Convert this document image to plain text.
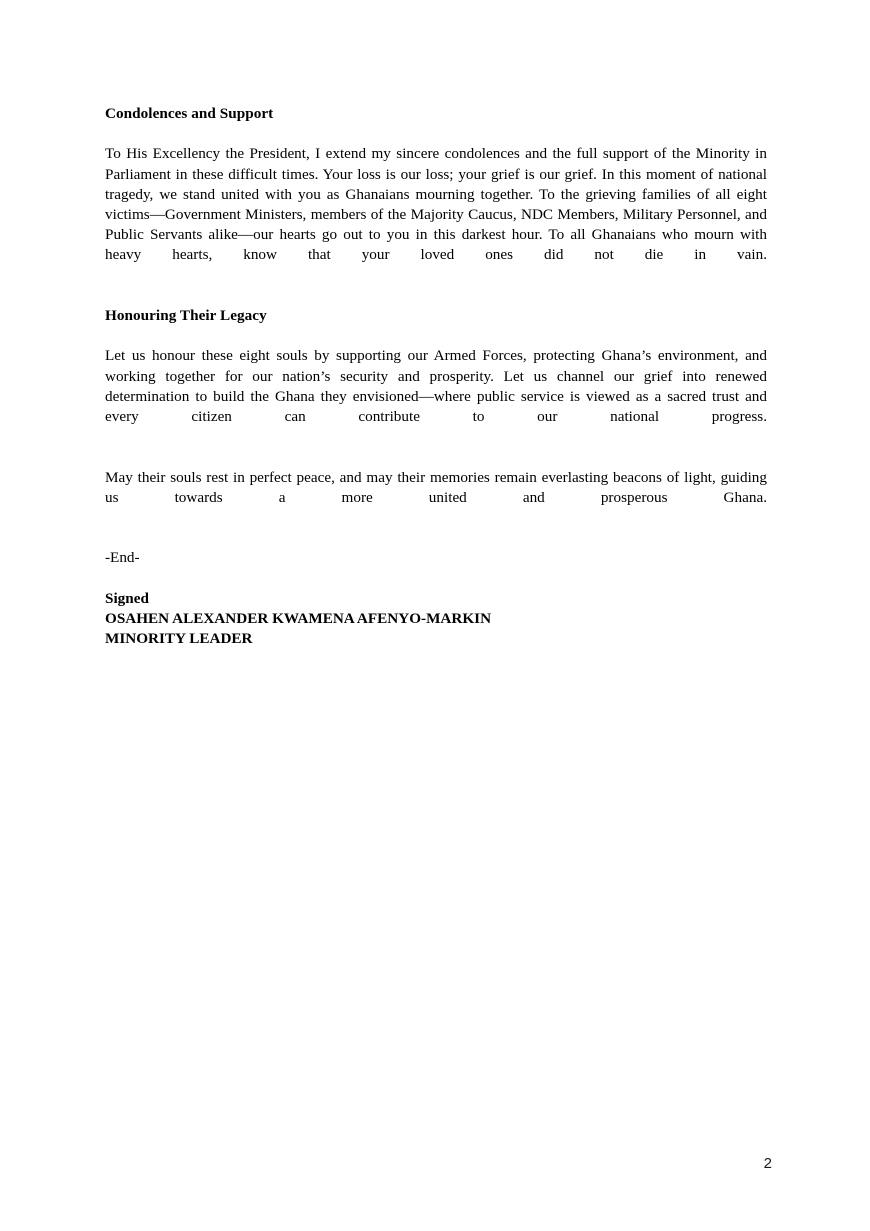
Condolences and Support

To His Excellency the President, I extend my sincere condolences and the full support of the Minority in Parliament in these difficult times. Your loss is our loss; your grief is our grief. In this moment of national tragedy, we stand united with you as Ghanaians mourning together. To the grieving families of all eight victims—Government Ministers, members of the Majority Caucus, NDC Members, Military Personnel, and Public Servants alike—our hearts go out to you in this darkest hour. To all Ghanaians who mourn with heavy hearts, know that your loved ones did not die in vain.

Honouring Their Legacy

Let us honour these eight souls by supporting our Armed Forces, protecting Ghana’s environment, and working together for our nation’s security and prosperity. Let us channel our grief into renewed determination to build the Ghana they envisioned—where public service is viewed as a sacred trust and every citizen can contribute to our national progress.

May their souls rest in perfect peace, and may their memories remain everlasting beacons of light, guiding us towards a more united and prosperous Ghana.

-End-

Signed

OSAHEN ALEXANDER KWAMENA AFENYO-MARKIN

MINORITY LEADER

2
